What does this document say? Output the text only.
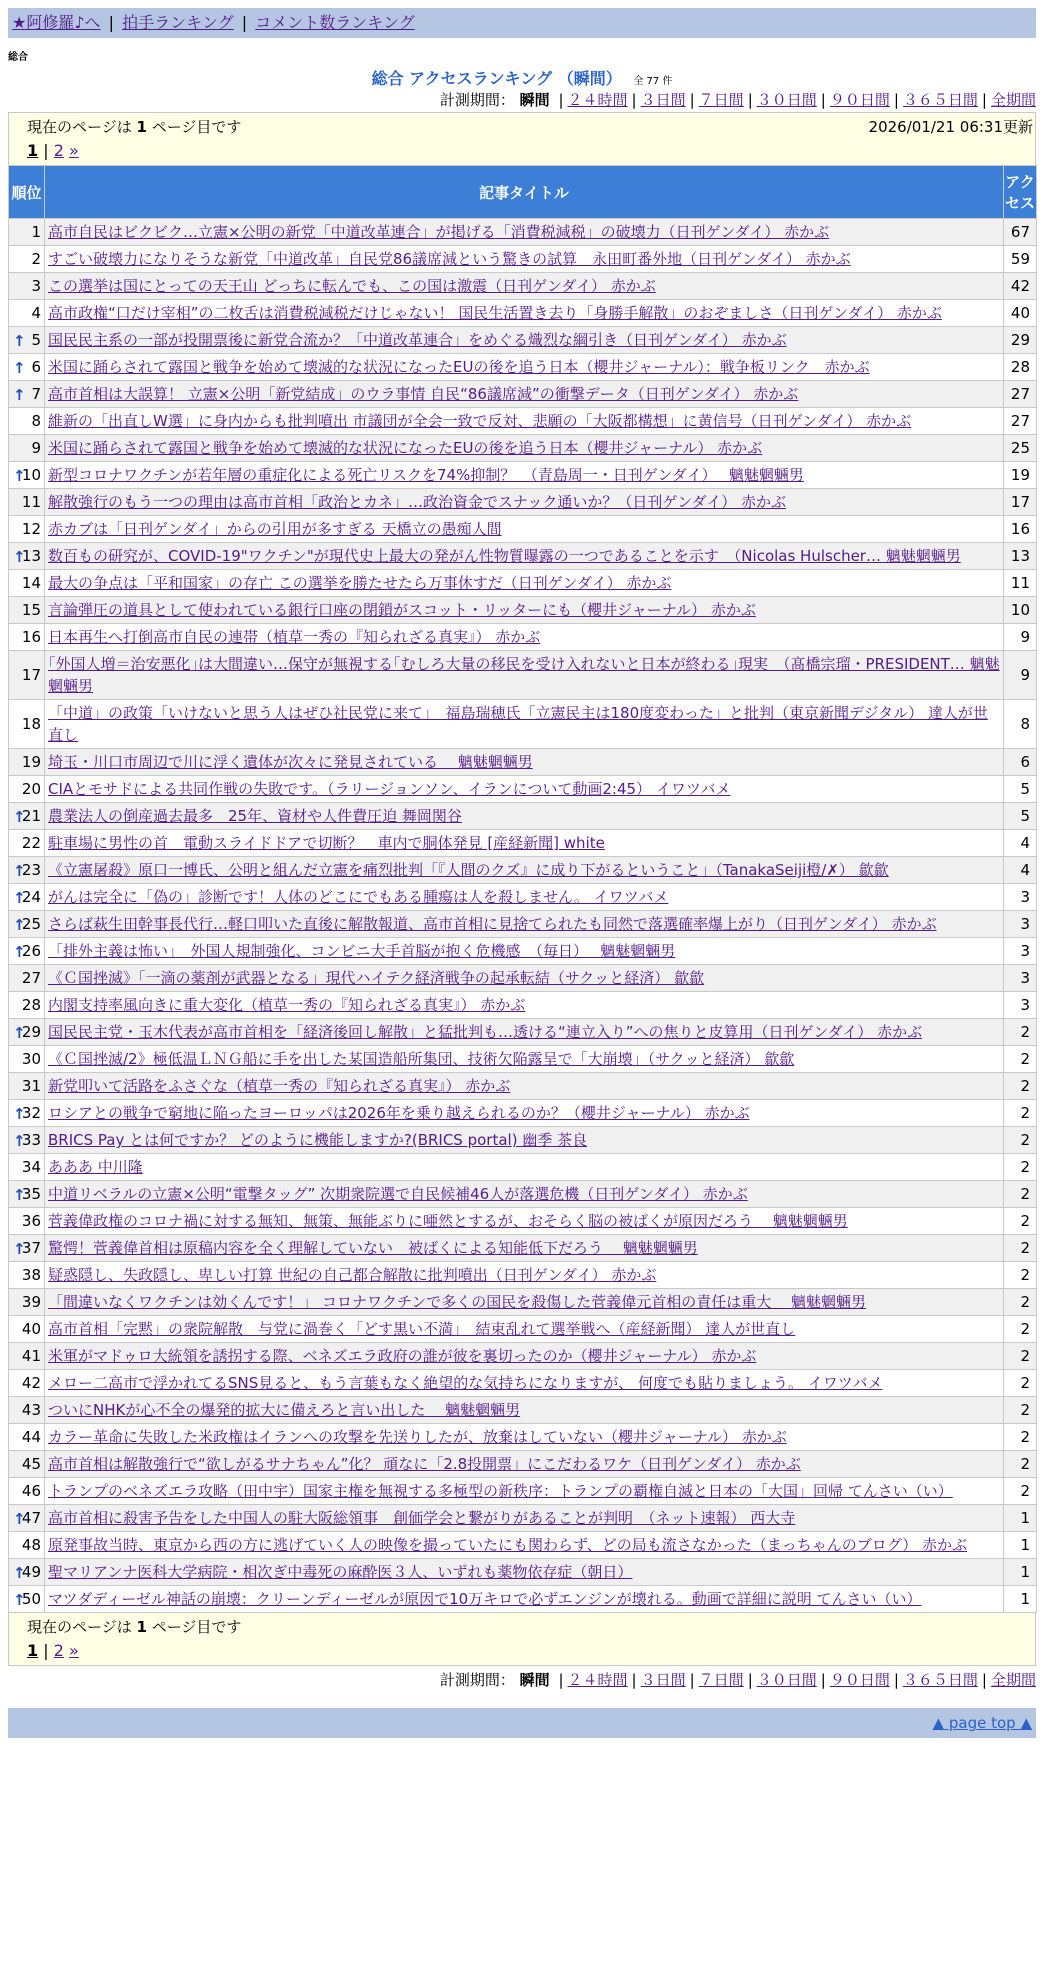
★阿修羅♪へ | 拍手ランキング | コメント数ランキング
総合
総合 アクセスランキング （瞬間） 全 77 件
計測期間： 瞬間 | ２４時間 | ３日間 | ７日間 | ３０日間 | ９０日間 | ３６５日間 | 全期間
現在のページは 1 ページ目です	2026/01/21 06:31更新
1 | 2 »
順位	記事タイトル	アクセス
1	高市自民はビクビク…立憲×公明の新党「中道改革連合」が掲げる「消費税減税」の破壊力（日刊ゲンダイ） 赤かぶ	67
2	すごい破壊力になりそうな新党「中道改革」自民党86議席減という驚きの試算　永田町番外地（日刊ゲンダイ） 赤かぶ	59
3	この選挙は国にとっての天王山 どっちに転んでも、この国は激震（日刊ゲンダイ） 赤かぶ	42
4	高市政権“口だけ宰相”の二枚舌は消費税減税だけじゃない！ 国民生活置き去り「身勝手解散」のおぞましさ（日刊ゲンダイ） 赤かぶ	40

↑ 5	国民民主系の一部が投開票後に新党合流か？「中道改革連合」をめぐる熾烈な綱引き（日刊ゲンダイ） 赤かぶ	29

↑ 6	米国に踊らされて露国と戦争を始めて壊滅的な状況になったEUの後を追う日本（櫻井ジャーナル）：戦争板リンク　赤かぶ	28

↑ 7	高市首相は大誤算！ 立憲×公明「新党結成」のウラ事情 自民“86議席減”の衝撃データ（日刊ゲンダイ） 赤かぶ	27
8	維新の「出直しW選」に身内からも批判噴出 市議団が全会一致で反対、悲願の「大阪都構想」に黄信号（日刊ゲンダイ） 赤かぶ	27
9	米国に踊らされて露国と戦争を始めて壊滅的な状況になったEUの後を追う日本（櫻井ジャーナル） 赤かぶ	25

↑
10	新型コロナワクチンが若年層の重症化による死亡リスクを74%抑制？　（青島周一・日刊ゲンダイ）　 魑魅魍魎男	19
11	解散強行のもう一つの理由は高市首相「政治とカネ」…政治資金でスナック通いか？（日刊ゲンダイ） 赤かぶ	17
12	赤カブは「日刊ゲンダイ」からの引用が多すぎる 天橋立の愚痴人間	16

↑
13	数百もの研究が、COVID-19"ワクチン"が現代史上最大の発がん性物質曝露の一つであることを示す　（Nicolas Hulscher… 魑魅魍魎男	13
14	最大の争点は「平和国家」の存亡 この選挙を勝たせたら万事休すだ（日刊ゲンダイ） 赤かぶ	11
15	言論弾圧の道具として使われている銀行口座の閉鎖がスコット・リッターにも（櫻井ジャーナル） 赤かぶ	10
16	日本再生へ打倒高市自民の連帯（植草一秀の『知られざる真実』） 赤かぶ	9
17	｢外国人増＝治安悪化｣は大間違い…保守が無視する｢むしろ大量の移民を受け入れないと日本が終わる｣現実　（髙橋宗瑠・PRESIDENT… 魑魅魍魎男	9
18	「中道」の政策「いけないと思う人はぜひ社民党に来て」　福島瑞穂氏「立憲民主は180度変わった」と批判（東京新聞デジタル） 達人が世直し	8
19	埼玉・川口市周辺で川に浮く遺体が次々に発見されている　 魑魅魍魎男	6
20	CIAとモサドによる共同作戦の失敗です。（ラリージョンソン、イランについて動画2:45） イワツバメ	5

↑
21	農業法人の倒産過去最多　25年、資材や人件費圧迫 舞岡関谷	5
22	駐車場に男性の首　電動スライドドアで切断？　車内で胴体発見 [産経新聞] white	4

↑
23	《立憲屠殺》原口一博氏、公明と組んだ立憲を痛烈批判「『人間のクズ』に成り下がるということ」（TanakaSeiji橙/✗） 歙歙	4

↑
24	がんは完全に「偽の」診断です！人体のどこにでもある腫瘍は人を殺しません。 イワツバメ	3

↑
25	さらば萩生田幹事長代行…軽口叩いた直後に解散報道、高市首相に見捨てられたも同然で落選確率爆上がり（日刊ゲンダイ） 赤かぶ	3

↑
26	「排外主義は怖い」　外国人規制強化、コンビニ大手首脳が抱く危機感　（毎日）　 魑魅魍魎男	3
27	《Ｃ国挫滅》「一滴の薬剤が武器となる」現代ハイテク経済戦争の起承転結（サクッと経済） 歙歙	3
28	内閣支持率風向きに重大変化（植草一秀の『知られざる真実』） 赤かぶ	3

↑
29	国民民主党・玉木代表が高市首相を「経済後回し解散」と猛批判も…透ける“連立入り”への焦りと皮算用（日刊ゲンダイ） 赤かぶ	2
30	《Ｃ国挫滅/2》極低温ＬＮＧ船に手を出した某国造船所集団、技術欠陥露呈で「大崩壊」（サクッと経済） 歙歙	2
31	新党叩いて活路をふさぐな（植草一秀の『知られざる真実』） 赤かぶ	2

↑
32	ロシアとの戦争で窮地に陥ったヨーロッパは2026年を乗り越えられるのか？（櫻井ジャーナル） 赤かぶ	2

↑
33	BRICS Pay とは何ですか？ どのように機能しますか?(BRICS portal) 幽季 茶良	2
34	あああ 中川隆	2

↑
35	中道リベラルの立憲×公明“電撃タッグ” 次期衆院選で自民候補46人が落選危機（日刊ゲンダイ） 赤かぶ	2
36	菅義偉政権のコロナ禍に対する無知、無策、無能ぶりに唖然とするが、おそらく脳の被ばくが原因だろう　 魑魅魍魎男	2

↑
37	驚愕！菅義偉首相は原稿内容を全く理解していない　被ばくによる知能低下だろう　 魑魅魍魎男	2
38	疑惑隠し、失政隠し、卑しい打算 世紀の自己都合解散に批判噴出（日刊ゲンダイ） 赤かぶ	2
39	「間違いなくワクチンは効くんです！」 コロナワクチンで多くの国民を殺傷した菅義偉元首相の責任は重大　 魑魅魍魎男	2
40	高市首相「完黙」の衆院解散　与党に渦巻く「どす黒い不満」　結束乱れて選挙戦へ（産経新聞） 達人が世直し	2
41	米軍がマドゥロ大統領を誘拐する際、ベネズエラ政府の誰が彼を裏切ったのか（櫻井ジャーナル） 赤かぶ	2
42	メロー二高市で浮かれてるSNS見ると、もう言葉もなく絶望的な気持ちになりますが、 何度でも貼りましょう。 イワツバメ	2
43	ついにNHKが心不全の爆発的拡大に備えろと言い出した　 魑魅魍魎男	2
44	カラー革命に失敗した米政権はイランへの攻撃を先送りしたが、放棄はしていない（櫻井ジャーナル） 赤かぶ	2
45	高市首相は解散強行で“欲しがるサナちゃん”化？ 頑なに「2.8投開票」にこだわるワケ（日刊ゲンダイ） 赤かぶ	2
46	トランプのベネズエラ攻略（田中宇）国家主権を無視する多極型の新秩序：トランプの覇権自滅と日本の「大国」回帰 てんさい（い）	2

↑
47	高市首相に殺害予告をした中国人の駐大阪総領事　創価学会と繋がりがあることが判明　（ネット速報） 西大寺	1
48	原発事故当時、東京から西の方に逃げていく人の映像を撮っていたにも関わらず、どの局も流さなかった（まっちゃんのブログ） 赤かぶ	1

↑
49	聖マリアンナ医科大学病院・相次ぎ中毒死の麻酔医３人、いずれも薬物依存症（朝日）	1

↑
50	マツダディーゼル神話の崩壊：クリーンディーゼルが原因で10万キロで必ずエンジンが壊れる。動画で詳細に説明 てんさい（い）	1
現在のページは 1 ページ目です
1 | 2 »
計測期間： 瞬間 | ２４時間 | ３日間 | ７日間 | ３０日間 | ９０日間 | ３６５日間 | 全期間
▲ page top ▲
